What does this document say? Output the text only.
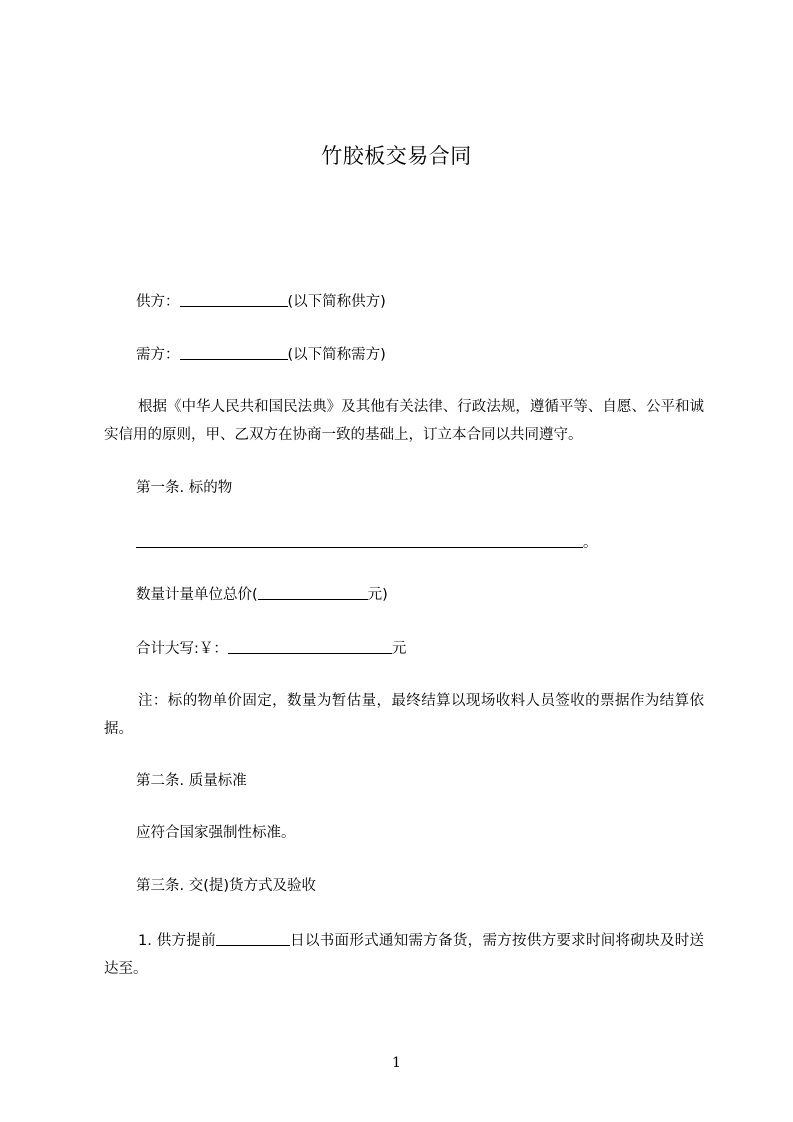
竹胶板交易合同
供方：	(以下简称供方)
需方：	(以下简称需方)
根据《中华人民共和国民法典》及其他有关法律、行政法规，遵循平等、自愿、公平和诚实信用的原则，甲、乙双方在协商一致的基础上，订立本合同以共同遵守。
第一条. 标的物
。
数量计量单位总价(	元)
合计大写:￥：	元
注：标的物单价固定，数量为暂估量，最终结算以现场收料人员签收的票据作为结算依据。
第二条. 质量标准
应符合国家强制性标准。
第三条. 交(提)货方式及验收
1. 供方提前	日以书面形式通知需方备货，需方按供方要求时间将砌块及时送达至。
1
